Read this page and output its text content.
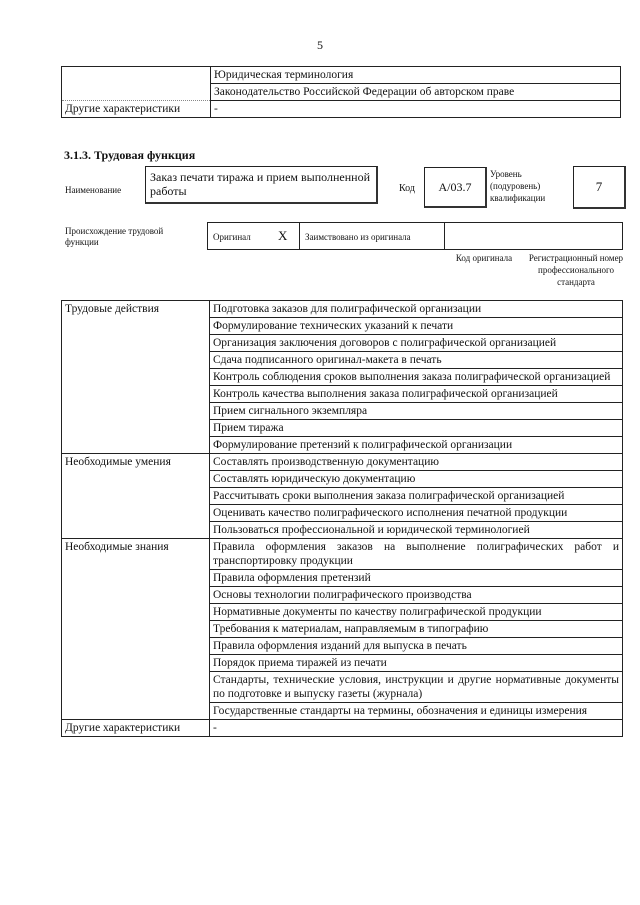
5
	Юридическая терминология
	Законодательство Российской Федерации об авторском праве
Другие характеристики	-
3.1.3. Трудовая функция
Наименование
Заказ печати тиража и прием выполненной работы	Код	A/03.7
Уровень (подуровень) квалификации
7
Происхождение трудовой функции	Оригинал X Заимствовано из оригинала
Код оригинала Регистрационный номер профессионального стандарта
Трудовые действия	Подготовка заказов для полиграфической организации
	Формулирование технических указаний к печати
	Организация заключения договоров с полиграфической организацией
	Сдача подписанного оригинал-макета в печать
	Контроль соблюдения сроков выполнения заказа полиграфической организацией
	Контроль качества выполнения заказа полиграфической организацией
	Прием сигнального экземпляра
	Прием тиража
	Формулирование претензий к полиграфической организации
Необходимые умения	Составлять производственную документацию
	Составлять юридическую документацию
	Рассчитывать сроки выполнения заказа полиграфической организацией
	Оценивать качество полиграфического исполнения печатной продукции
	Пользоваться профессиональной и юридической терминологией
Необходимые знания	Правила оформления заказов на выполнение полиграфических работ и транспортировку продукции
	Правила оформления претензий
	Основы технологии полиграфического производства
	Нормативные документы по качеству полиграфической продукции
	Требования к материалам, направляемым в типографию
	Правила оформления изданий для выпуска в печать
	Порядок приема тиражей из печати
	Стандарты, технические условия, инструкции и другие нормативные документы по подготовке и выпуску газеты (журнала)
	Государственные стандарты на термины, обозначения и единицы измерения
Другие характеристики	-
